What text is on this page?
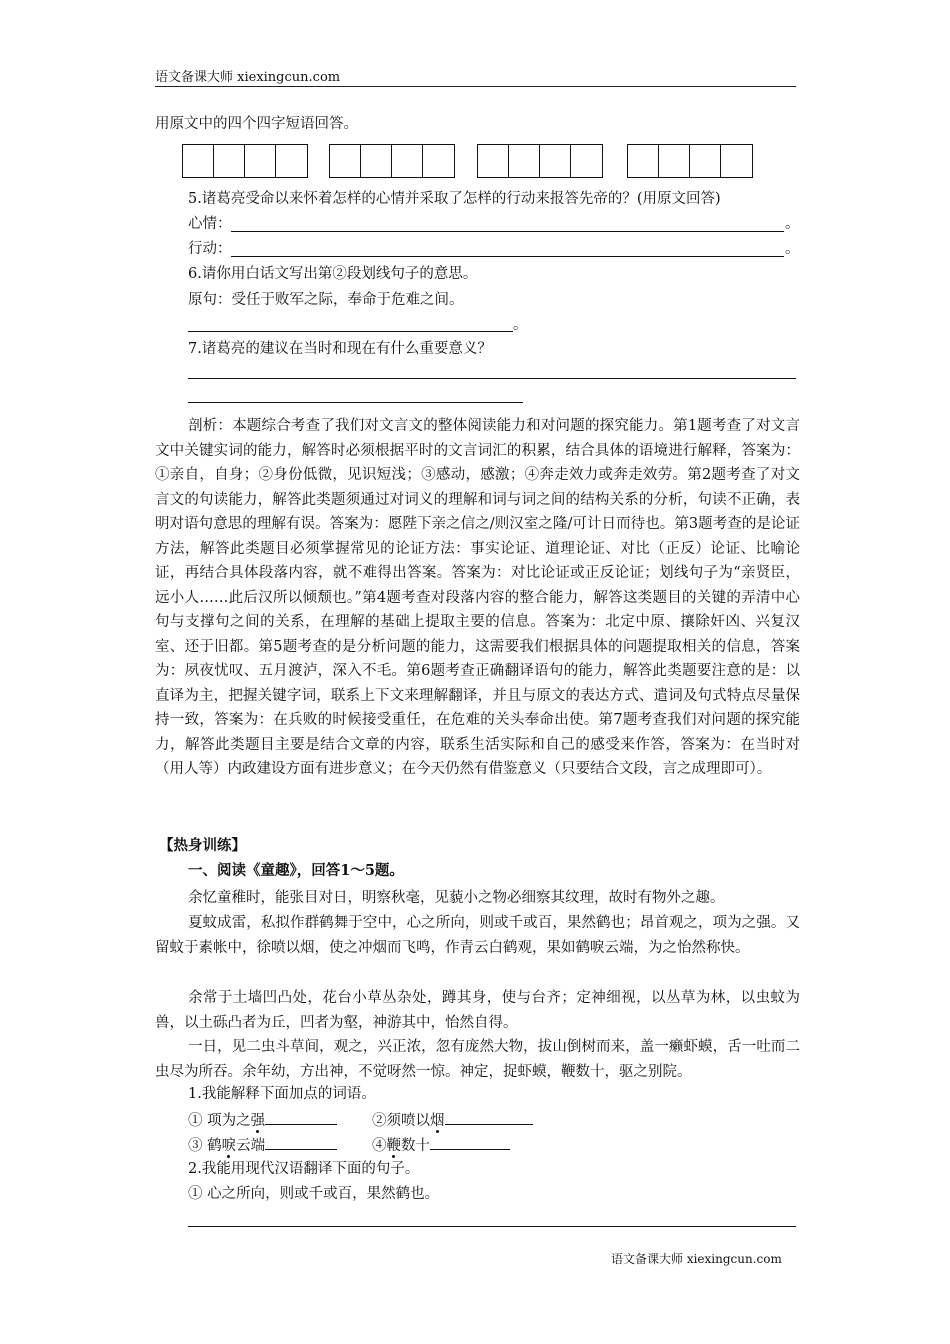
语文备课大师 xiexingcun.com
用原文中的四个四字短语回答。
5.诸葛亮受命以来怀着怎样的心情并采取了怎样的行动来报答先帝的？(用原文回答)
心情：	。
行动：	。
6.请你用白话文写出第②段划线句子的意思。
原句：受任于败军之际，奉命于危难之间。
。
7.诸葛亮的建议在当时和现在有什么重要意义？
剖析：本题综合考查了我们对文言文的整体阅读能力和对问题的探究能力。第1题考查了对文言文中关键实词的能力，解答时必须根据平时的文言词汇的积累，结合具体的语境进行解释，答案为：①亲自，自身；②身份低微，见识短浅；③感动，感激；④奔走效力或奔走效劳。第2题考查了对文言文的句读能力，解答此类题须通过对词义的理解和词与词之间的结构关系的分析，句读不正确，表明对语句意思的理解有误。答案为：愿陛下亲之信之/则汉室之隆/可计日而待也。第3题考查的是论证方法，解答此类题目必须掌握常见的论证方法：事实论证、道理论证、对比（正反）论证、比喻论证，再结合具体段落内容，就不难得出答案。答案为：对比论证或正反论证；划线句子为“亲贤臣，远小人……此后汉所以倾颓也。”第4题考查对段落内容的整合能力，解答这类题目的关键的弄清中心句与支撑句之间的关系，在理解的基础上提取主要的信息。答案为：北定中原、攘除奸凶、兴复汉室、还于旧都。第5题考查的是分析问题的能力，这需要我们根据具体的问题提取相关的信息，答案为：夙夜忧叹、五月渡泸，深入不毛。第6题考查正确翻译语句的能力，解答此类题要注意的是：以直译为主，把握关键字词，联系上下文来理解翻译，并且与原文的表达方式、遣词及句式特点尽量保持一致，答案为：在兵败的时候接受重任，在危难的关头奉命出使。第7题考查我们对问题的探究能力，解答此类题目主要是结合文章的内容，联系生活实际和自己的感受来作答，答案为：在当时对（用人等）内政建设方面有进步意义；在今天仍然有借鉴意义（只要结合文段，言之成理即可）。
【热身训练】
一、阅读《童趣》，回答1～5题。
余忆童稚时，能张目对日，明察秋毫，见藐小之物必细察其纹理，故时有物外之趣。
夏蚊成雷，私拟作群鹤舞于空中，心之所向，则或千或百，果然鹤也；昂首观之，项为之强。又留蚊于素帐中，徐喷以烟，使之冲烟而飞鸣，作青云白鹤观，果如鹤唳云端，为之怡然称快。
余常于土墙凹凸处，花台小草丛杂处，蹲其身，使与台齐；定神细视，以丛草为林，以虫蚊为兽，以土砾凸者为丘，凹者为壑，神游其中，怡然自得。
一日，见二虫斗草间，观之，兴正浓，忽有庞然大物，拔山倒树而来，盖一癞虾蟆，舌一吐而二虫尽为所吞。余年幼，方出神，不觉呀然一惊。神定，捉虾蟆，鞭数十，驱之别院。
1.我能解释下面加点的词语。
① 项为之强	②须喷以烟
③ 鹤唳云端	④鞭数十
2.我能用现代汉语翻译下面的句子。
① 心之所向，则或千或百，果然鹤也。
语文备课大师 xiexingcun.com
